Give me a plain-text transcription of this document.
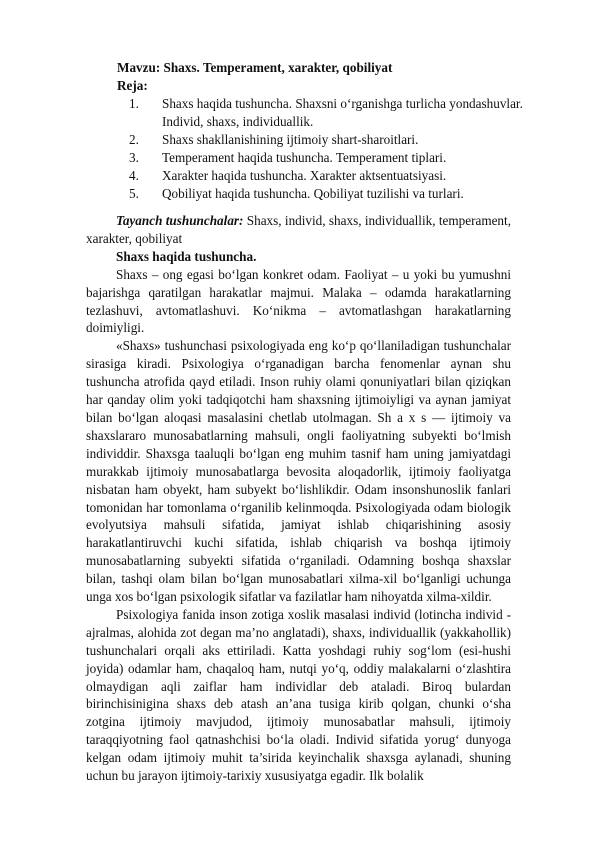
Mavzu: Shaxs. Temperament, xarakter, qobiliyat
Reja:
1. Shaxs haqida tushuncha. Shaxsni o‘rganishga turlicha yondashuvlar.
Individ, shaxs, individuallik.
2. Shaxs shakllanishining ijtimoiy shart-sharoitlari.
3. Temperament haqida tushuncha. Temperament tiplari.
4. Xarakter haqida tushuncha. Xarakter aktsentuatsiyasi.
5. Qobiliyat haqida tushuncha. Qobiliyat tuzilishi va turlari.

Tayanch tushunchalar: Shaxs, individ, shaxs, individuallik, temperament, xarakter, qobiliyat

Shaxs haqida tushuncha.

Shaxs – ong egasi bo‘lgan konkret odam. Faoliyat – u yoki bu yumushni bajarishga qaratilgan harakatlar majmui. Malaka – odamda harakatlarning tezlashuvi, avtomatlashuvi. Ko‘nikma – avtomatlashgan harakatlarning doimiyligi.

«Shaxs» tushunchasi psixologiyada eng ko‘p qo‘llaniladigan tushunchalar sirasiga kiradi. Psixologiya o‘rganadigan barcha fenomenlar aynan shu tushuncha atrofida qayd etiladi. Inson ruhiy olami qonuniyatlari bilan qiziqkan har qanday olim yoki tadqiqotchi ham shaxsning ijtimoiyligi va aynan jamiyat bilan bo‘lgan aloqasi masalasini chetlab utolmagan. Sh a x s — ijtimoiy va shaxslararo munosabatlarning mahsuli, ongli faoliyatning subyekti bo‘lmish individdir. Shaxsga taaluqli bo‘lgan eng muhim tasnif ham uning jamiyatdagi murakkab ijtimoiy munosabatlarga bevosita aloqadorlik, ijtimoiy faoliyatga nisbatan ham obyekt, ham subyekt bo‘lishlikdir. Odam insonshunoslik fanlari tomonidan har tomonlama o‘rganilib kelinmoqda. Psixologiyada odam biologik evolyutsiya mahsuli sifatida, jamiyat ishlab chiqarishining asosiy harakatlantiruvchi kuchi sifatida, ishlab chiqarish va boshqa ijtimoiy munosabatlarning subyekti sifatida o‘rganiladi. Odamning boshqa shaxslar bilan, tashqi olam bilan bo‘lgan munosabatlari xilma-xil bo‘lganligi uchunga unga xos bo‘lgan psixologik sifatlar va fazilatlar ham nihoyatda xilma-xildir.

Psixologiya fanida inson zotiga xoslik masalasi individ (lotincha individ - ajralmas, alohida zot degan ma’no anglatadi), shaxs, individuallik (yakkahollik) tushunchalari orqali aks ettiriladi. Katta yoshdagi ruhiy sog‘lom (esi-hushi joyida) odamlar ham, chaqaloq ham, nutqi yo‘q, oddiy malakalarni o‘zlashtira olmaydigan aqli zaiflar ham individlar deb ataladi. Biroq bulardan birinchisinigina shaxs deb atash an’ana tusiga kirib qolgan, chunki o‘sha zotgina ijtimoiy mavjudod, ijtimoiy munosabatlar mahsuli, ijtimoiy taraqqiyotning faol qatnashchisi bo‘la oladi. Individ sifatida yorug‘ dunyoga kelgan odam ijtimoiy muhit ta’sirida keyinchalik shaxsga aylanadi, shuning uchun bu jarayon ijtimoiy-tarixiy xususiyatga egadir. Ilk bolalik
